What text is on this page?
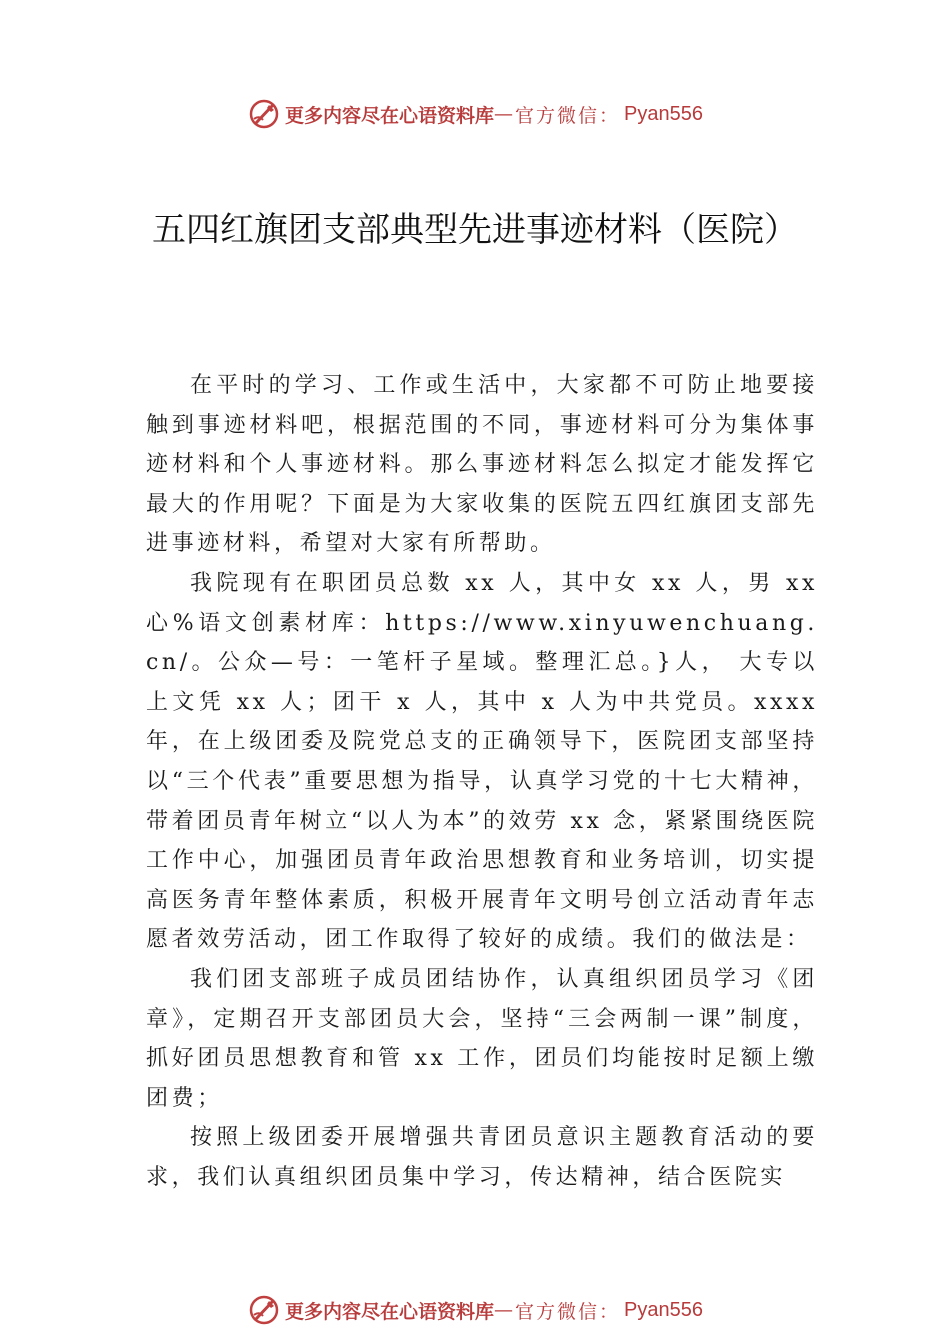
更多内容尽在心语资料库 — 官方微信： Pyan556
五四红旗团支部典型先进事迹材料（医院）

在平时的学习、工作或生活中，大家都不可防止地要接触到事迹材料吧，根据范围的不同，事迹材料可分为集体事迹材料和个人事迹材料。那么事迹材料怎么拟定才能发挥它最大的作用呢？下面是为大家收集的医院五四红旗团支部先进事迹材料，希望对大家有所帮助。

我院现有在职团员总数 xx 人，其中女 xx 人，男 xx 心%语文创素材库：https://www.xinyuwenchuang.cn/。公众—号：一笔杆子星域。整理汇总。}人， 大专以上文凭 xx 人；团干 x 人，其中 x 人为中共党员。xxxx 年，在上级团委及院党总支的正确领导下，医院团支部坚持以“三个代表”重要思想为指导，认真学习党的十七大精神， 带着团员青年树立“以人为本”的效劳 xx 念，紧紧围绕医院工作中心，加强团员青年政治思想教育和业务培训，切实提高医务青年整体素质，积极开展青年文明号创立活动青年志愿者效劳活动，团工作取得了较好的成绩。我们的做法是：

我们团支部班子成员团结协作，认真组织团员学习《团章》，定期召开支部团员大会，坚持“三会两制一课”制度，抓好团员思想教育和管 xx 工作，团员们均能按时足额上缴团费；

按照上级团委开展增强共青团员意识主题教育活动的要求，我们认真组织团员集中学习，传达精神，结合医院实

更多内容尽在心语资料库 — 官方微信： Pyan556
